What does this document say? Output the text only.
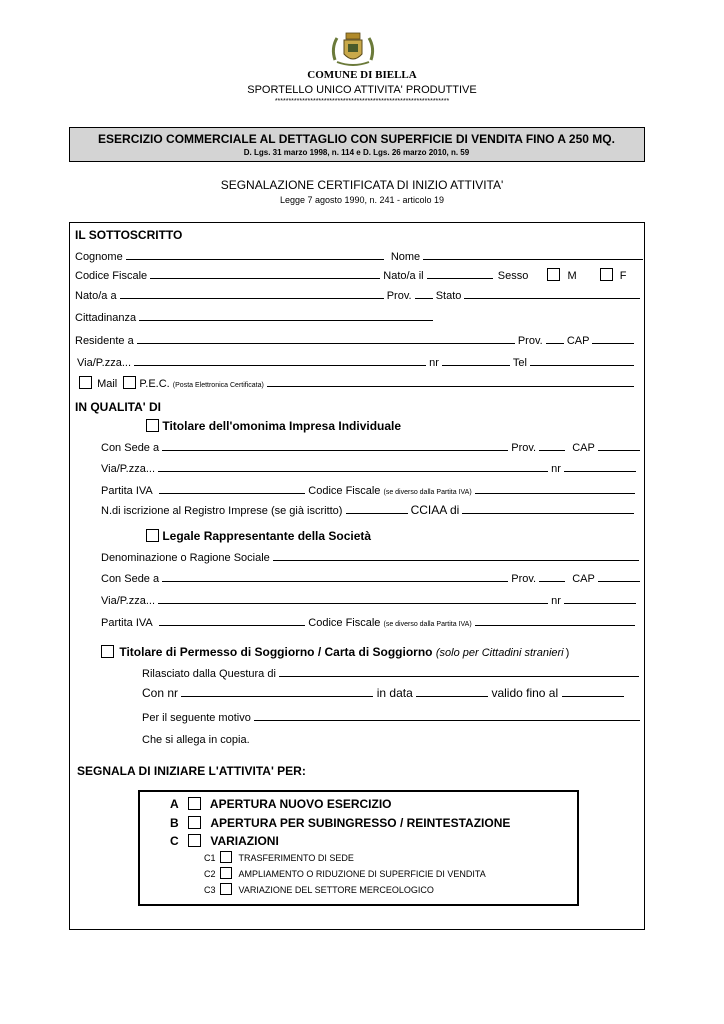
COMUNE DI BIELLA
SPORTELLO UNICO ATTIVITA' PRODUTTIVE
****************************************************************
ESERCIZIO COMMERCIALE AL DETTAGLIO CON SUPERFICIE DI VENDITA FINO A 250 MQ.
D. Lgs. 31 marzo 1998, n. 114 e D. Lgs. 26 marzo 2010, n. 59
SEGNALAZIONE CERTIFICATA DI INIZIO ATTIVITA'
Legge 7 agosto 1990, n. 241 - articolo 19
IL SOTTOSCRITTO
Cognome	Nome
Codice Fiscale	Nato/a il	Sesso	M	F
Nato/a a	Prov. Stato
Cittadinanza
Residente a	Prov. CAP
Via/P.zza...	nr	Tel
Mail P.E.C. (Posta Elettronica Certificata)
IN QUALITA' DI
Titolare dell'omonima Impresa Individuale
Con Sede a	Prov.	CAP
Via/P.zza...	nr
Partita IVA	Codice Fiscale (se diverso dalla Partita IVA)
N.di iscrizione al Registro Imprese (se già iscritto)	CCIAA di
Legale Rappresentante della Società
Denominazione o Ragione Sociale
Con Sede a	Prov.	CAP
Via/P.zza...	nr
Partita IVA	Codice Fiscale (se diverso dalla Partita IVA)
Titolare di Permesso di Soggiorno / Carta di Soggiorno (solo per Cittadini stranieri )
Rilasciato dalla Questura di
Con nr	in data	valido fino al
Per il seguente motivo
Che si allega in copia.
SEGNALA DI INIZIARE L'ATTIVITA' PER:
A	APERTURA NUOVO ESERCIZIO
B	APERTURA PER SUBINGRESSO / REINTESTAZIONE
C	VARIAZIONI
C1	TRASFERIMENTO DI SEDE
C2	AMPLIAMENTO O RIDUZIONE DI SUPERFICIE DI VENDITA
C3	VARIAZIONE DEL SETTORE MERCEOLOGICO
